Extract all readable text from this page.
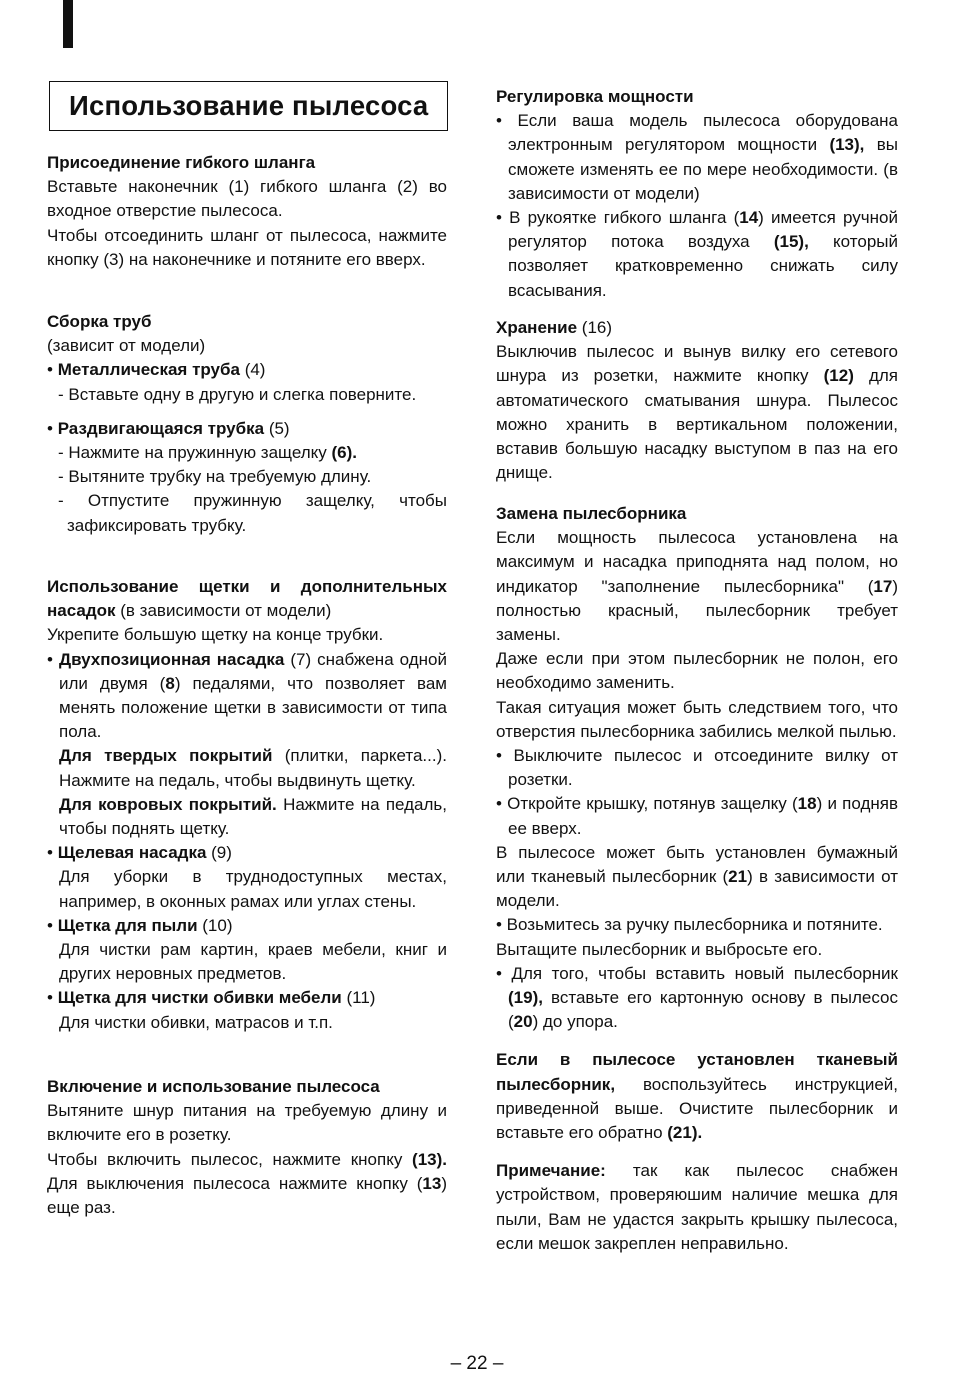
Использование пылесоса
Присоединение гибкого шланга
Вставьте наконечник (1) гибкого шланга (2) во входное отверстие пылесоса.
Чтобы отсоединить шланг от пылесоса, нажмите кнопку (3) на наконечнике и потяните его вверх.
Сборка труб
(зависит от модели)
• Металлическая труба (4)
- Вставьте одну в другую и слегка поверните.
• Раздвигающаяся трубка (5)
- Нажмите на пружинную защелку (6).
- Вытяните трубку на требуемую длину.
- Отпустите пружинную защелку, чтобы зафиксировать трубку.
Использование щетки и дополнительных насадок (в зависимости от модели)
Укрепите большую щетку на конце трубки.
• Двухпозиционная насадка (7) снабжена одной или двумя (8) педалями, что позволяет вам менять положение щетки в зависимости от типа пола.
Для твердых покрытий (плитки, паркета...). Нажмите на педаль, чтобы выдвинуть щетку.
Для ковровых покрытий. Нажмите на педаль, чтобы поднять щетку.
• Щелевая насадка (9)
Для уборки в труднодоступных местах, например, в оконных рамах или углах стены.
• Щетка для пыли (10)
Для чистки рам картин, краев мебели, книг и других неровных предметов.
• Щетка для чистки обивки мебели (11)
Для чистки обивки, матрасов и т.п.
Включение и использование пылесоса
Вытяните шнур питания на требуемую длину и включите его в розетку.
Чтобы включить пылесос, нажмите кнопку (13). Для выключения пылесоса нажмите кнопку (13) еще раз.
Регулировка мощности
• Если ваша модель пылесоса оборудована электронным регулятором мощности (13), вы сможете изменять ее по мере необходимости. (в зависимости от модели)
• В рукоятке гибкого шланга (14) имеется ручной регулятор потока воздуха (15), который позволяет кратковременно снижать силу всасывания.
Хранение (16)
Выключив пылесос и вынув вилку его сетевого шнура из розетки, нажмите кнопку (12) для автоматического сматывания шнура. Пылесос можно хранить в вертикальном положении, вставив большую насадку выступом в паз на его днище.
Замена пылесборника
Если мощность пылесоса установлена на максимум и насадка приподнята над полом, но индикатор "заполнение пылесборника" (17) полностью красный, пылесборник требует замены.
Даже если при этом пылесборник не полон, его необходимо заменить.
Такая ситуация может быть следствием того, что отверстия пылесборника забились мелкой пылью.
• Выключите пылесос и отсоедините вилку от розетки.
• Откройте крышку, потянув защелку (18) и подняв ее вверх.
В пылесосе может быть установлен бумажный или тканевый пылесборник (21) в зависимости от модели.
• Возьмитесь за ручку пылесборника и потяните.
Вытащите пылесборник и выбросьте его.
• Для того, чтобы вставить новый пылесборник (19), вставьте его картонную основу в пылесос (20) до упора.
Если в пылесосе установлен тканевый пылесборник, воспользуйтесь инструкцией, приведенной выше. Очистите пылесборник и вставьте его обратно (21).
Примечание: так как пылесос снабжен устройством, проверяюшим наличие мешка для пыли, Вам не удастся закрыть крышку пылесоса, если мешок закреплен неправильно.
– 22 –
